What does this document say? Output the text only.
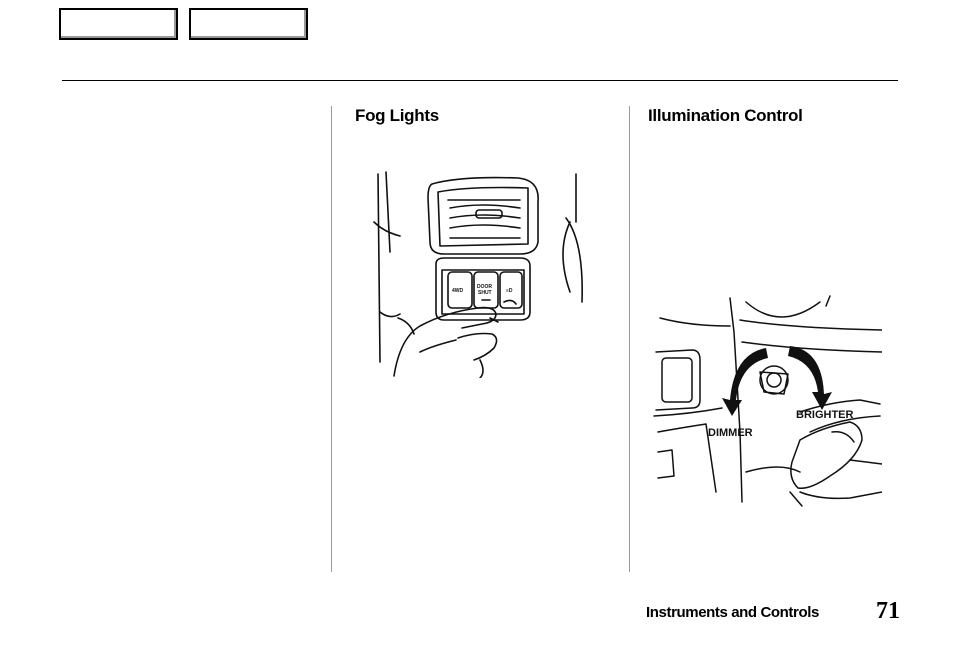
Fog Lights	Illumination Control
4WD
DOOR
SHUT	≡D
DIMMER
BRIGHTER
Instruments and Controls 71
